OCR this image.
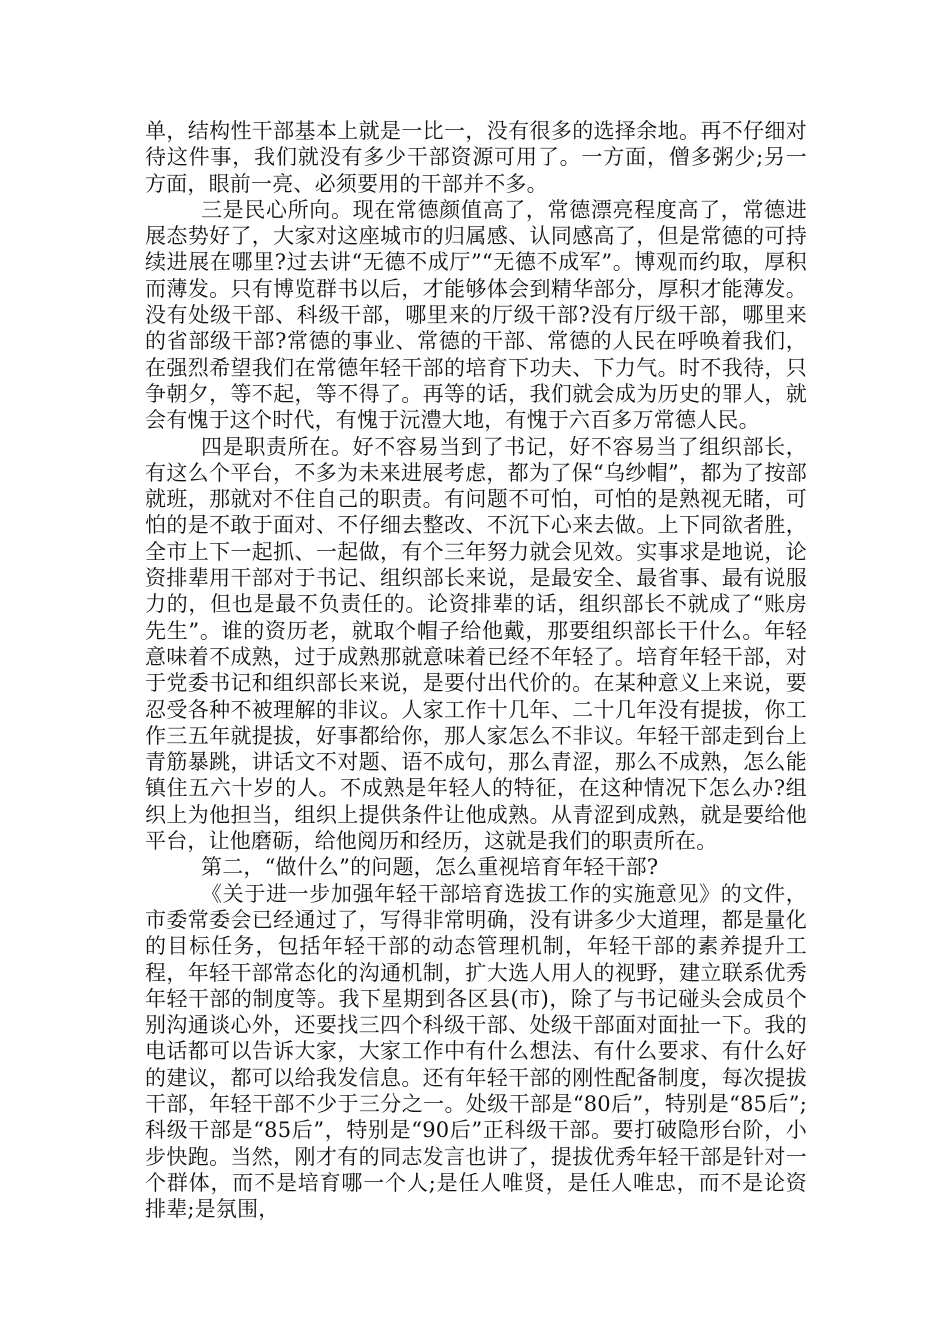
单，结构性干部基本上就是一比一，没有很多的选择余地。再不仔细对待这件事，我们就没有多少干部资源可用了。一方面，僧多粥少;另一方面，眼前一亮、必须要用的干部并不多。

三是民心所向。现在常德颜值高了，常德漂亮程度高了，常德进展态势好了，大家对这座城市的归属感、认同感高了，但是常德的可持续进展在哪里?过去讲“无德不成厅”“无德不成军”。博观而约取，厚积而薄发。只有博览群书以后，才能够体会到精华部分，厚积才能薄发。没有处级干部、科级干部，哪里来的厅级干部?没有厅级干部，哪里来的省部级干部?常德的事业、常德的干部、常德的人民在呼唤着我们，在强烈希望我们在常德年轻干部的培育下功夫、下力气。时不我待，只争朝夕，等不起，等不得了。再等的话，我们就会成为历史的罪人，就会有愧于这个时代，有愧于沅澧大地，有愧于六百多万常德人民。

四是职责所在。好不容易当到了书记，好不容易当了组织部长，有这么个平台，不多为未来进展考虑，都为了保“乌纱帽”，都为了按部就班，那就对不住自己的职责。有问题不可怕，可怕的是熟视无睹，可怕的是不敢于面对、不仔细去整改、不沉下心来去做。上下同欲者胜，全市上下一起抓、一起做，有个三年努力就会见效。实事求是地说，论资排辈用干部对于书记、组织部长来说，是最安全、最省事、最有说服力的，但也是最不负责任的。论资排辈的话，组织部长不就成了“账房先生”。谁的资历老，就取个帽子给他戴，那要组织部长干什么。年轻意味着不成熟，过于成熟那就意味着已经不年轻了。培育年轻干部，对于党委书记和组织部长来说，是要付出代价的。在某种意义上来说，要忍受各种不被理解的非议。人家工作十几年、二十几年没有提拔，你工作三五年就提拔，好事都给你，那人家怎么不非议。年轻干部走到台上青筋暴跳，讲话文不对题、语不成句，那么青涩，那么不成熟，怎么能镇住五六十岁的人。不成熟是年轻人的特征，在这种情况下怎么办?组织上为他担当，组织上提供条件让他成熟。从青涩到成熟，就是要给他平台，让他磨砺，给他阅历和经历，这就是我们的职责所在。

第二，“做什么”的问题，怎么重视培育年轻干部?

《关于进一步加强年轻干部培育选拔工作的实施意见》的文件，市委常委会已经通过了，写得非常明确，没有讲多少大道理，都是量化的目标任务，包括年轻干部的动态管理机制，年轻干部的素养提升工程，年轻干部常态化的沟通机制，扩大选人用人的视野，建立联系优秀年轻干部的制度等。我下星期到各区县(市)，除了与书记碰头会成员个别沟通谈心外，还要找三四个科级干部、处级干部面对面扯一下。我的电话都可以告诉大家，大家工作中有什么想法、有什么要求、有什么好的建议，都可以给我发信息。还有年轻干部的刚性配备制度，每次提拔干部，年轻干部不少于三分之一。处级干部是“80后”，特别是“85后”;科级干部是“85后”，特别是“90后”正科级干部。要打破隐形台阶，小步快跑。当然，刚才有的同志发言也讲了，提拔优秀年轻干部是针对一个群体，而不是培育哪一个人;是任人唯贤，是任人唯忠，而不是论资排辈;是氛围，
